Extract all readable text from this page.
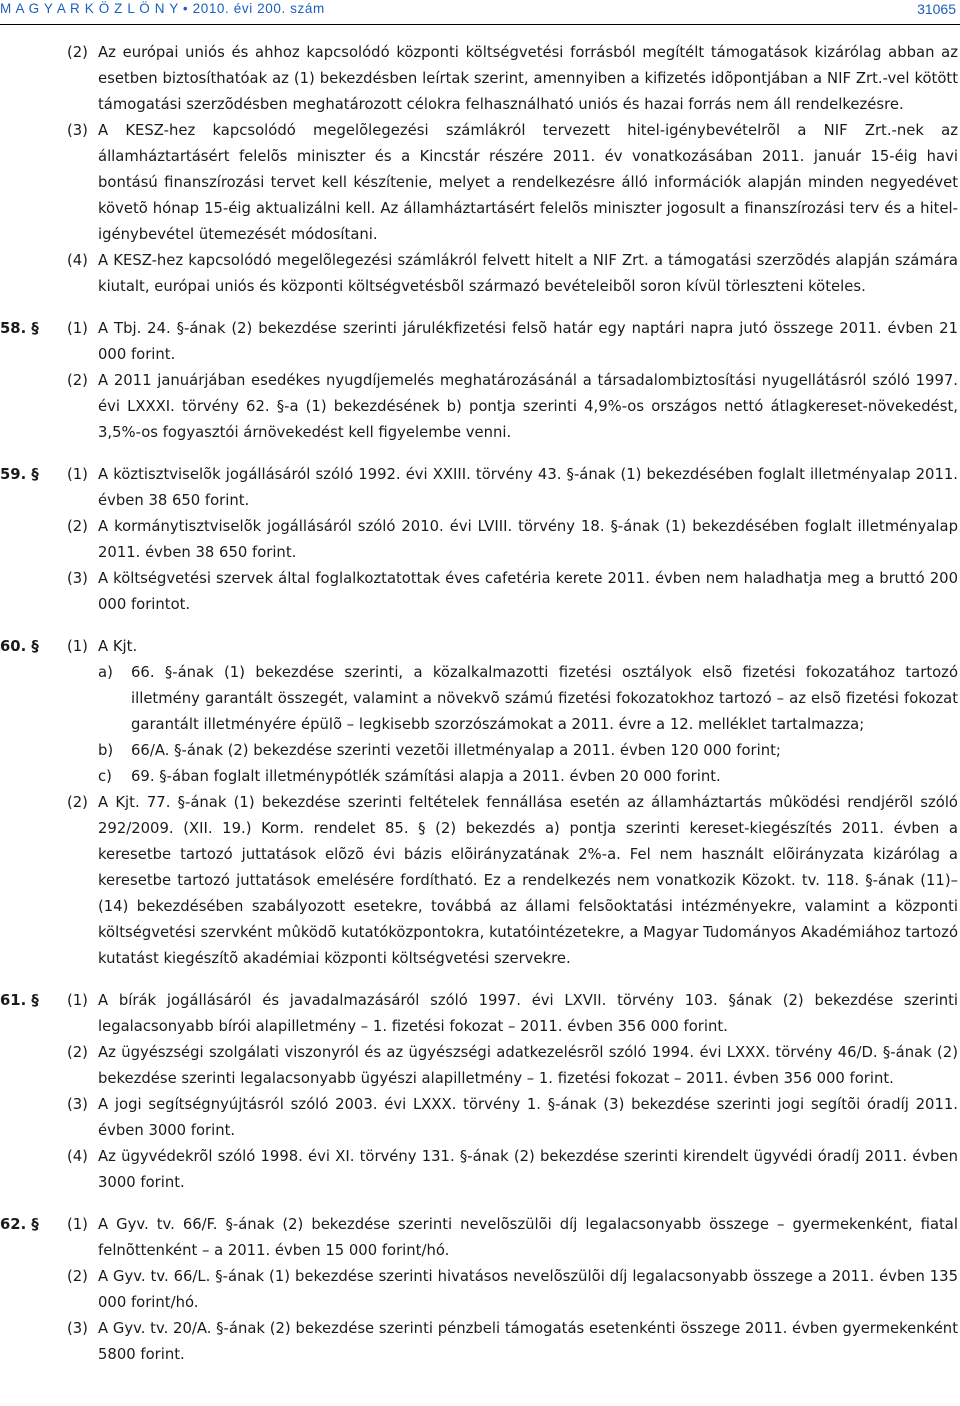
M A G Y A R K Ö Z L Ö N Y • 2010. évi 200. szám	31065
(2) Az európai uniós és ahhoz kapcsolódó központi költségvetési forrásból megítélt támogatások kizárólag abban az esetben biztosíthatóak az (1) bekezdésben leírtak szerint, amennyiben a kifizetés idõpontjában a NIF Zrt.-vel kötött támogatási szerzõdésben meghatározott célokra felhasználható uniós és hazai forrás nem áll rendelkezésre.
(3) A KESZ-hez kapcsolódó megelõlegezési számlákról tervezett hitel-igénybevételrõl a NIF Zrt.-nek az államháztartásért felelõs miniszter és a Kincstár részére 2011. év vonatkozásában 2011. január 15-éig havi bontású finanszírozási tervet kell készítenie, melyet a rendelkezésre álló információk alapján minden negyedévet követõ hónap 15-éig aktualizálni kell. Az államháztartásért felelõs miniszter jogosult a finanszírozási terv és a hitel-igénybevétel ütemezését módosítani.
(4) A KESZ-hez kapcsolódó megelõlegezési számlákról felvett hitelt a NIF Zrt. a támogatási szerzõdés alapján számára kiutalt, európai uniós és központi költségvetésbõl származó bevételeibõl soron kívül törleszteni köteles.
58. §	(1) A Tbj. 24. §-ának (2) bekezdése szerinti járulékfizetési felsõ határ egy naptári napra jutó összege 2011. évben 21 000 forint.
(2) A 2011 januárjában esedékes nyugdíjemelés meghatározásánál a társadalombiztosítási nyugellátásról szóló 1997. évi LXXXI. törvény 62. §-a (1) bekezdésének b) pontja szerinti 4,9%-os országos nettó átlagkereset-növekedést, 3,5%-os fogyasztói árnövekedést kell figyelembe venni.
59. §	(1) A köztisztviselõk jogállásáról szóló 1992. évi XXIII. törvény 43. §-ának (1) bekezdésében foglalt illetményalap 2011. évben 38 650 forint.
(2) A kormánytisztviselõk jogállásáról szóló 2010. évi LVIII. törvény 18. §-ának (1) bekezdésében foglalt illetményalap 2011. évben 38 650 forint.
(3) A költségvetési szervek által foglalkoztatottak éves cafetéria kerete 2011. évben nem haladhatja meg a bruttó 200 000 forintot.
60. §	(1) A Kjt.
a) 66. §-ának (1) bekezdése szerinti, a közalkalmazotti fizetési osztályok elsõ fizetési fokozatához tartozó illetmény garantált összegét, valamint a növekvõ számú fizetési fokozatokhoz tartozó – az elsõ fizetési fokozat garantált illetményére épülõ – legkisebb szorzószámokat a 2011. évre a 12. melléklet tartalmazza;
b) 66/A. §-ának (2) bekezdése szerinti vezetõi illetményalap a 2011. évben 120 000 forint;
c) 69. §-ában foglalt illetménypótlék számítási alapja a 2011. évben 20 000 forint.
(2) A Kjt. 77. §-ának (1) bekezdése szerinti feltételek fennállása esetén az államháztartás mûködési rendjérõl szóló 292/2009. (XII. 19.) Korm. rendelet 85. § (2) bekezdés a) pontja szerinti kereset-kiegészítés 2011. évben a keresetbe tartozó juttatások elõzõ évi bázis elõirányzatának 2%-a. Fel nem használt elõirányzata kizárólag a keresetbe tartozó juttatások emelésére fordítható. Ez a rendelkezés nem vonatkozik Közokt. tv. 118. §-ának (11)–(14) bekezdésében szabályozott esetekre, továbbá az állami felsõoktatási intézményekre, valamint a központi költségvetési szervként mûködõ kutatóközpontokra, kutatóintézetekre, a Magyar Tudományos Akadémiához tartozó kutatást kiegészítõ akadémiai központi költségvetési szervekre.
61. §	(1) A bírák jogállásáról és javadalmazásáról szóló 1997. évi LXVII. törvény 103. §ának (2) bekezdése szerinti legalacsonyabb bírói alapilletmény – 1. fizetési fokozat – 2011. évben 356 000 forint.
(2) Az ügyészségi szolgálati viszonyról és az ügyészségi adatkezelésrõl szóló 1994. évi LXXX. törvény 46/D. §-ának (2) bekezdése szerinti legalacsonyabb ügyészi alapilletmény – 1. fizetési fokozat – 2011. évben 356 000 forint.
(3) A jogi segítségnyújtásról szóló 2003. évi LXXX. törvény 1. §-ának (3) bekezdése szerinti jogi segítõi óradíj 2011. évben 3000 forint.
(4) Az ügyvédekrõl szóló 1998. évi XI. törvény 131. §-ának (2) bekezdése szerinti kirendelt ügyvédi óradíj 2011. évben 3000 forint.
62. §	(1) A Gyv. tv. 66/F. §-ának (2) bekezdése szerinti nevelõszülõi díj legalacsonyabb összege – gyermekenként, fiatal felnõttenként – a 2011. évben 15 000 forint/hó.
(2) A Gyv. tv. 66/L. §-ának (1) bekezdése szerinti hivatásos nevelõszülõi díj legalacsonyabb összege a 2011. évben 135 000 forint/hó.
(3) A Gyv. tv. 20/A. §-ának (2) bekezdése szerinti pénzbeli támogatás esetenkénti összege 2011. évben gyermekenként 5800 forint.
